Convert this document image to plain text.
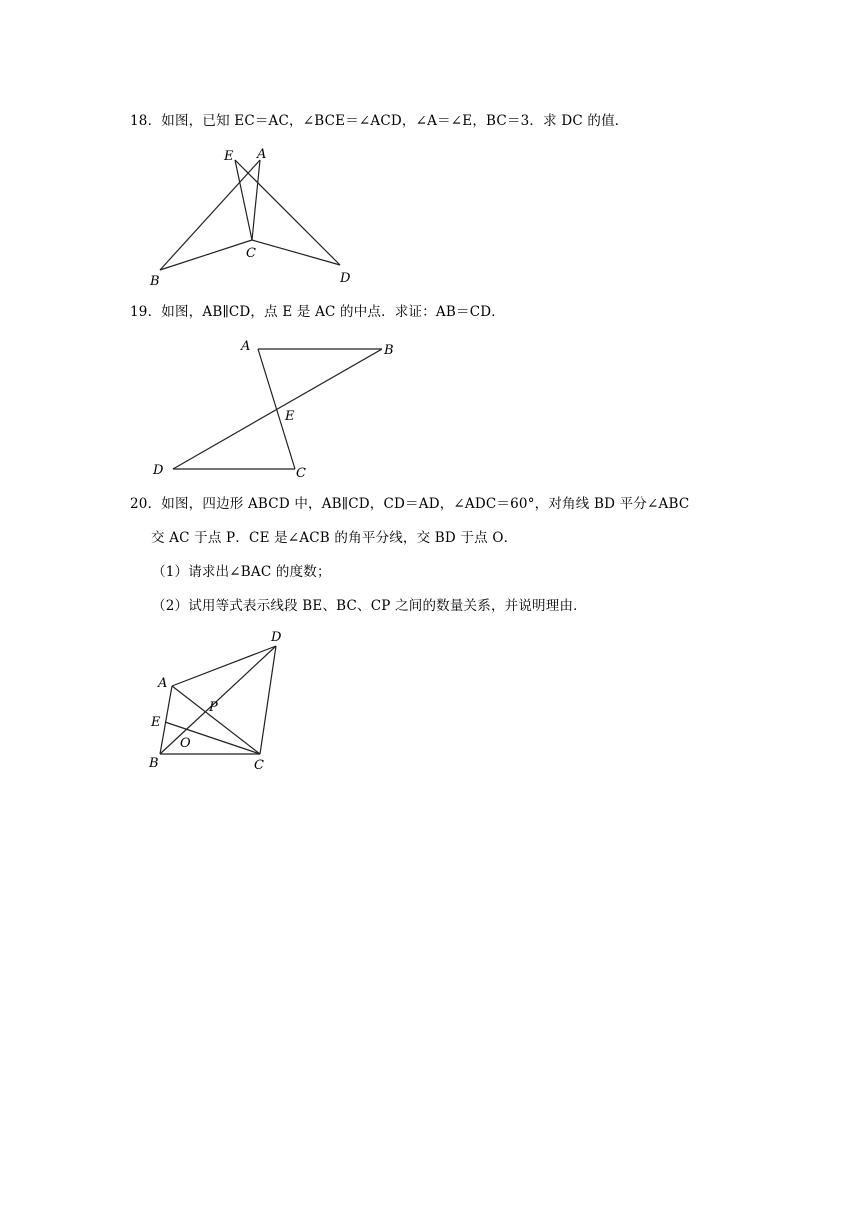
18．如图，已知 EC＝AC，∠BCE＝∠ACD，∠A＝∠E，BC＝3．求 DC 的值．
E A
C
B	D
19．如图，AB∥CD，点 E 是 AC 的中点．求证：AB＝CD．
A	B
E
D	C
20．如图，四边形 ABCD 中，AB∥CD，CD＝AD，∠ADC＝60°，对角线 BD 平分∠ABC
交 AC 于点 P．CE 是∠ACB 的角平分线，交 BD 于点 O．
（1）请求出∠BAC 的度数；
（2）试用等式表示线段 BE、BC、CP 之间的数量关系，并说明理由．
D
A
E
P
O
B	C
